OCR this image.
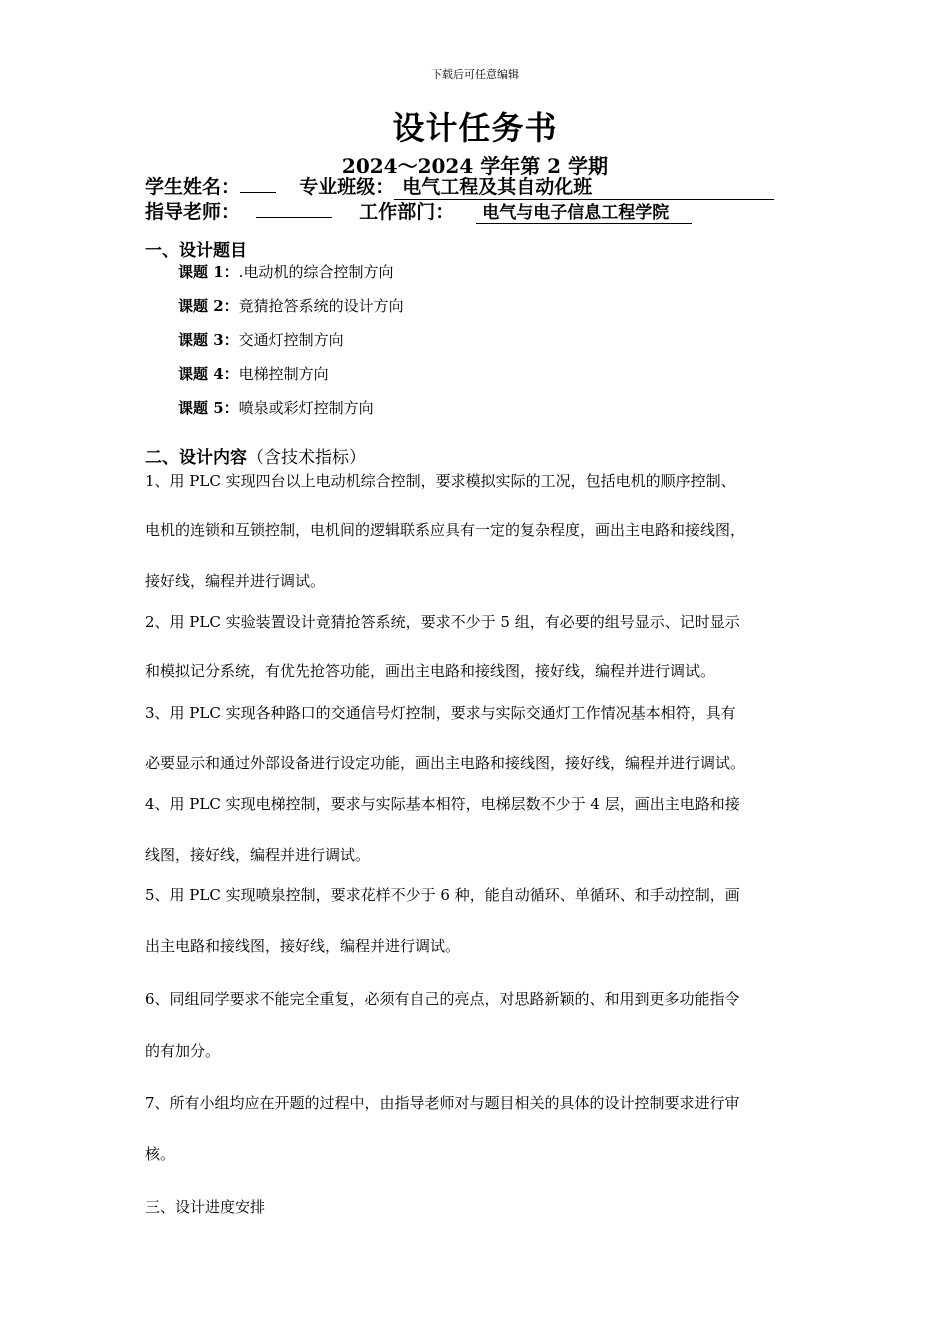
下载后可任意编辑
设计任务书
2024～2024 学年第 2 学期
学生姓名：	专业班级： 电气工程及其自动化班
指导老师：	工作部门： 电气与电子信息工程学院
一、设计题目
课题 1：.电动机的综合控制方向
课题 2：竟猜抢答系统的设计方向
课题 3：交通灯控制方向
课题 4：电梯控制方向
课题 5：喷泉或彩灯控制方向
二、设计内容（含技术指标）
1、用 PLC 实现四台以上电动机综合控制，要求模拟实际的工况，包括电机的顺序控制、
电机的连锁和互锁控制，电机间的逻辑联系应具有一定的复杂程度，画出主电路和接线图，
接好线，编程并进行调试。
2、用 PLC 实验装置设计竟猜抢答系统，要求不少于 5 组，有必要的组号显示、记时显示
和模拟记分系统，有优先抢答功能，画出主电路和接线图，接好线，编程并进行调试。
3、用 PLC 实现各种路口的交通信号灯控制，要求与实际交通灯工作情况基本相符，具有
必要显示和通过外部设备进行设定功能，画出主电路和接线图，接好线，编程并进行调试。
4、用 PLC 实现电梯控制，要求与实际基本相符，电梯层数不少于 4 层，画出主电路和接
线图，接好线，编程并进行调试。
5、用 PLC 实现喷泉控制，要求花样不少于 6 种，能自动循环、单循环、和手动控制，画
出主电路和接线图，接好线，编程并进行调试。
6、同组同学要求不能完全重复，必须有自己的亮点，对思路新颖的、和用到更多功能指令
的有加分。
7、所有小组均应在开题的过程中，由指导老师对与题目相关的具体的设计控制要求进行审
核。
三、设计进度安排
